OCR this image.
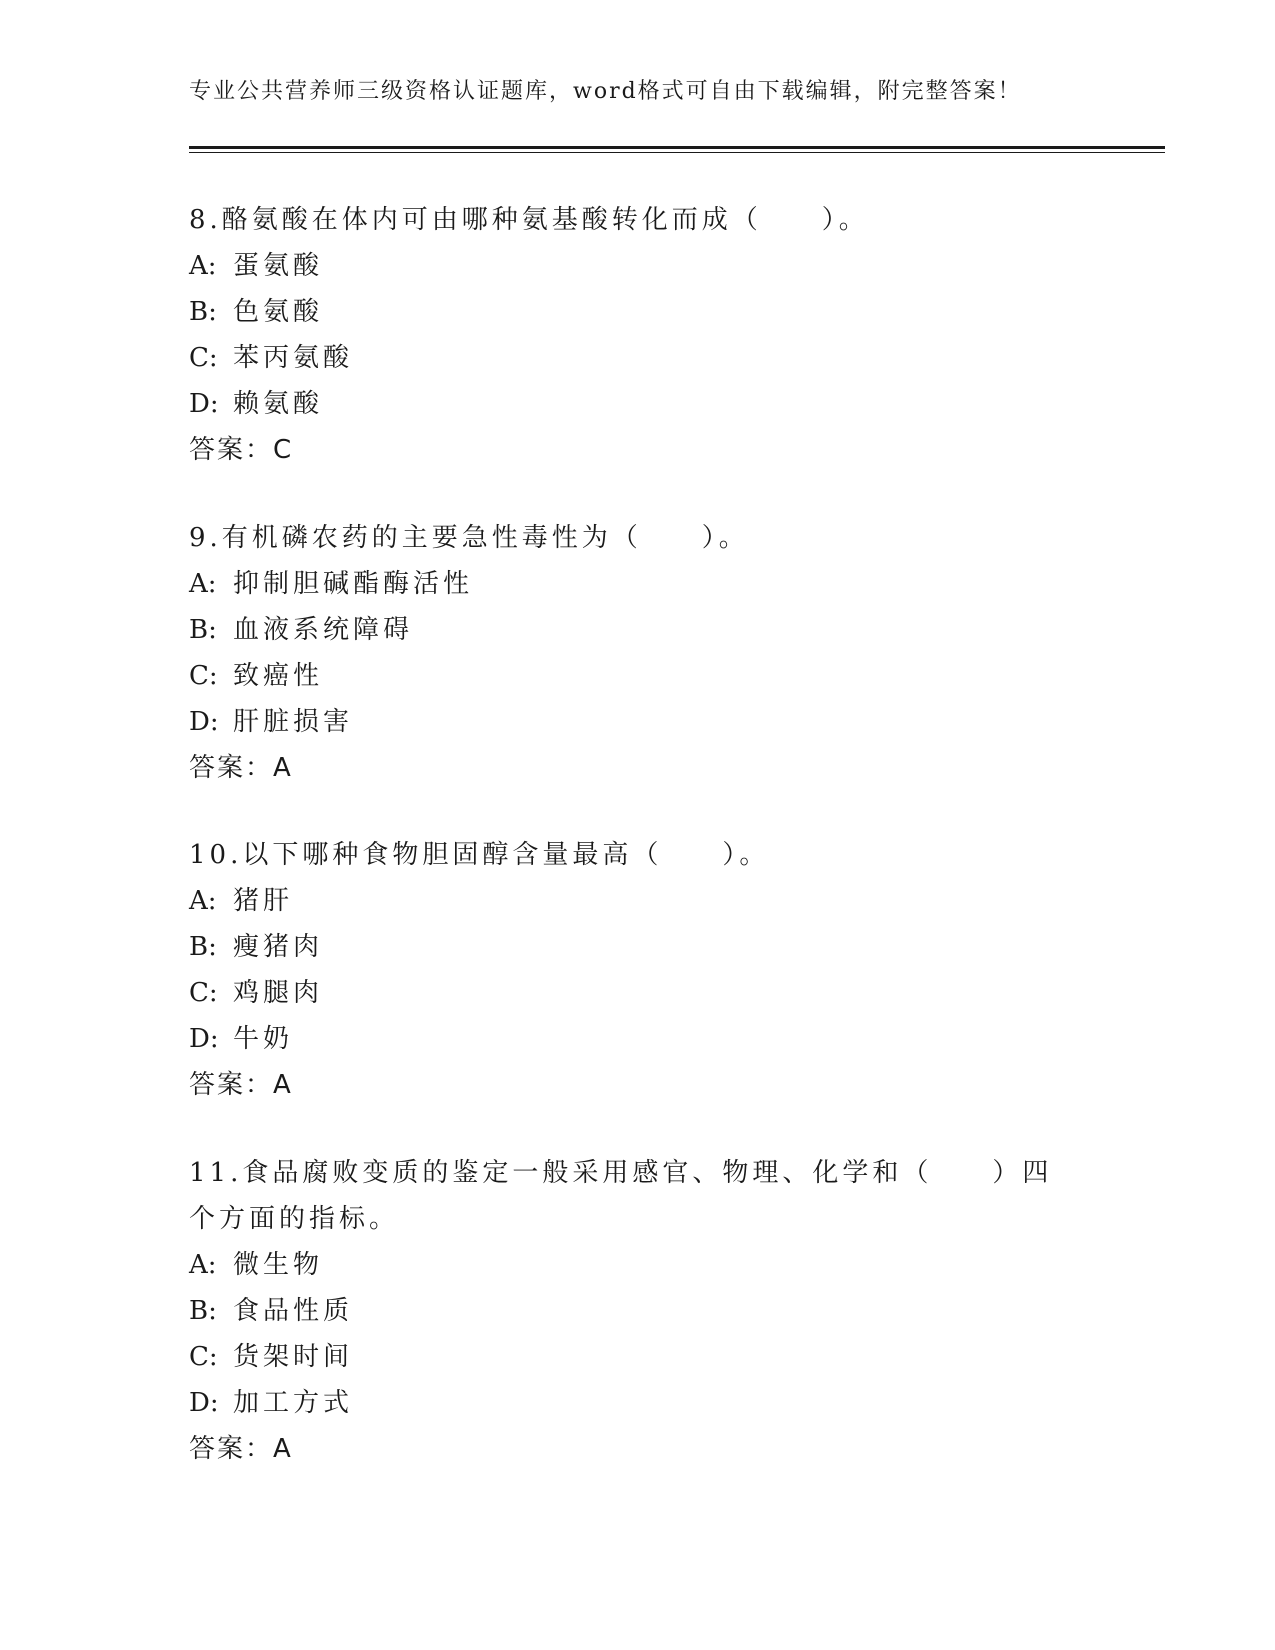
专业公共营养师三级资格认证题库，word格式可自由下载编辑，附完整答案！
8.酪氨酸在体内可由哪种氨基酸转化而成（　　）。
A: 蛋氨酸
B: 色氨酸
C: 苯丙氨酸
D: 赖氨酸
答案：C
9.有机磷农药的主要急性毒性为（　　）。
A: 抑制胆碱酯酶活性
B: 血液系统障碍
C: 致癌性
D: 肝脏损害
答案：A
10.以下哪种食物胆固醇含量最高（　　）。
A: 猪肝
B: 瘦猪肉
C: 鸡腿肉
D: 牛奶
答案：A
11.食品腐败变质的鉴定一般采用感官、物理、化学和（　　）四个方面的指标。
A: 微生物
B: 食品性质
C: 货架时间
D: 加工方式
答案：A
